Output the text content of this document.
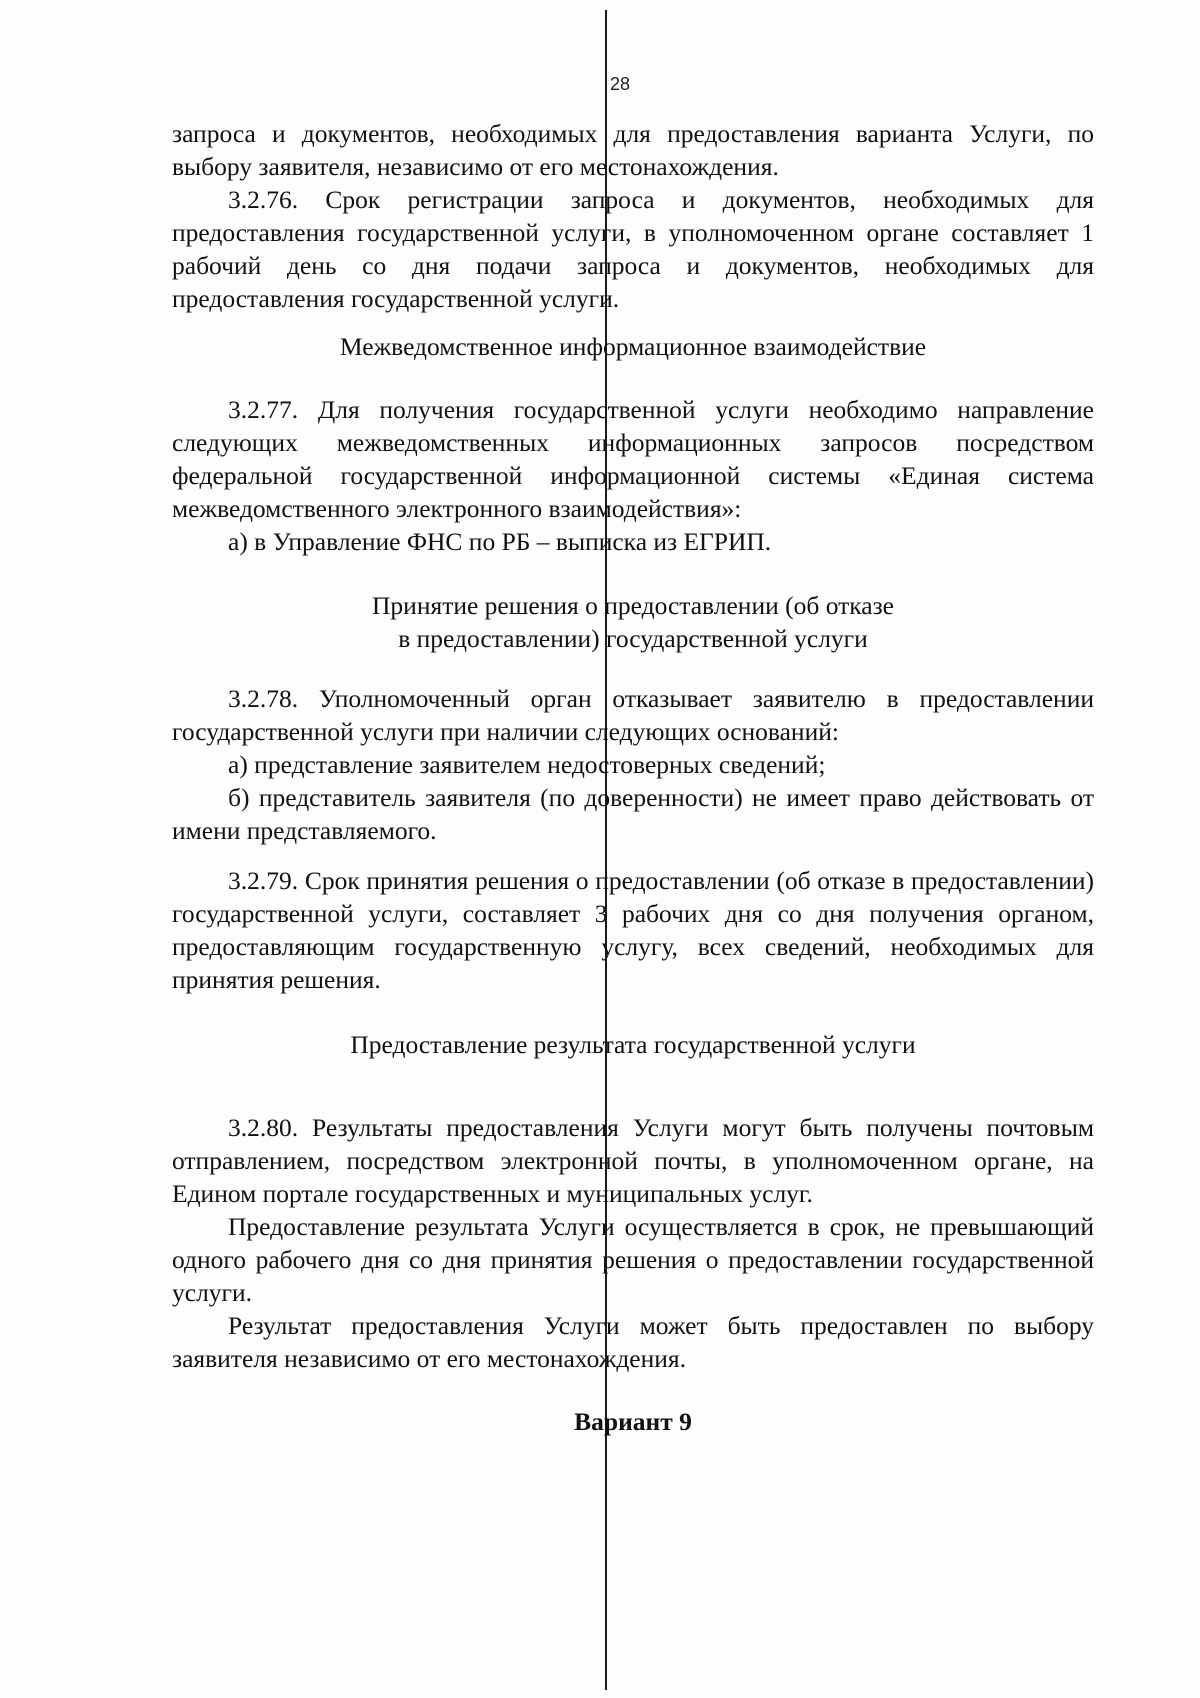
28

запроса и документов, необходимых для предоставления варианта Услуги, по выбору заявителя, независимо от его местонахождения.

3.2.76. Срок регистрации запроса и документов, необходимых для предоставления государственной услуги, в уполномоченном органе составляет 1 рабочий день со дня подачи запроса и документов, необходимых для предоставления государственной услуги.

Межведомственное информационное взаимодействие

3.2.77. Для получения государственной услуги необходимо направление следующих межведомственных информационных запросов посредством федеральной государственной информационной системы «Единая система межведомственного электронного взаимодействия»:

а) в Управление ФНС по РБ – выписка из ЕГРИП.

Принятие решения о предоставлении (об отказе
в предоставлении) государственной услуги

3.2.78. Уполномоченный орган отказывает заявителю в предоставлении государственной услуги при наличии следующих оснований:

а) представление заявителем недостоверных сведений;

б) представитель заявителя (по доверенности) не имеет право действовать от имени представляемого.

3.2.79. Срок принятия решения о предоставлении (об отказе в предоставлении) государственной услуги, составляет 3 рабочих дня со дня получения органом, предоставляющим государственную услугу, всех сведений, необходимых для принятия решения.

Предоставление результата государственной услуги

3.2.80. Результаты предоставления Услуги могут быть получены почтовым отправлением, посредством электронной почты, в уполномоченном органе, на Едином портале государственных и муниципальных услуг.

Предоставление результата Услуги осуществляется в срок, не превышающий одного рабочего дня со дня принятия решения о предоставлении государственной услуги.

Результат предоставления Услуги может быть предоставлен по выбору заявителя независимо от его местонахождения.

Вариант 9
